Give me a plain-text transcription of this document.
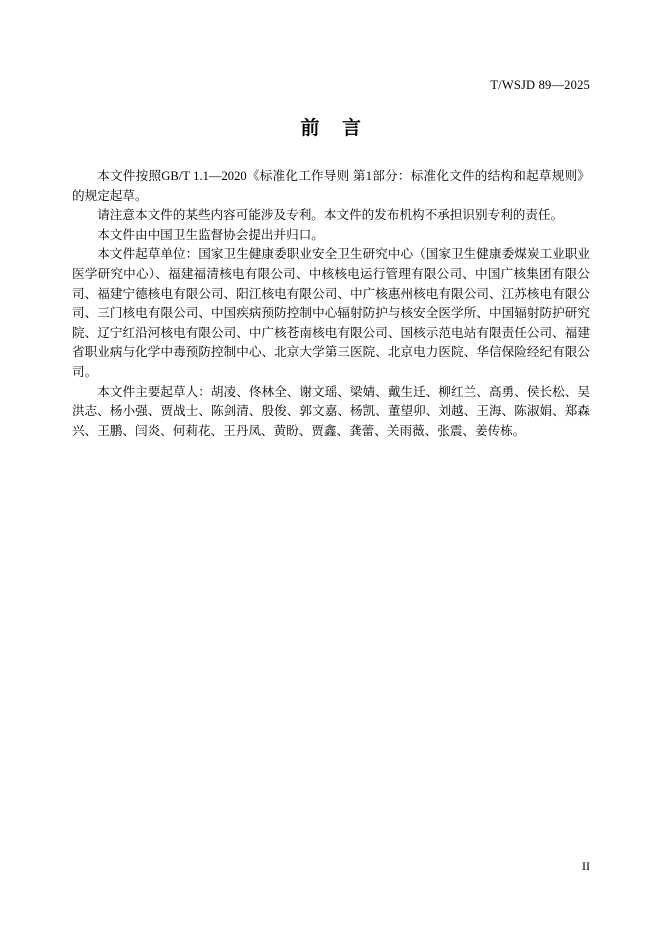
T/WSJD 89—2025
前 言

本文件按照GB/T 1.1—2020《标准化工作导则 第1部分：标准化文件的结构和起草规则》的规定起草。

请注意本文件的某些内容可能涉及专利。本文件的发布机构不承担识别专利的责任。

本文件由中国卫生监督协会提出并归口。

本文件起草单位：国家卫生健康委职业安全卫生研究中心（国家卫生健康委煤炭工业职业医学研究中心）、福建福清核电有限公司、中核核电运行管理有限公司、中国广核集团有限公司、福建宁德核电有限公司、阳江核电有限公司、中广核惠州核电有限公司、江苏核电有限公司、三门核电有限公司、中国疾病预防控制中心辐射防护与核安全医学所、中国辐射防护研究院、辽宁红沿河核电有限公司、中广核苍南核电有限公司、国核示范电站有限责任公司、福建省职业病与化学中毒预防控制中心、北京大学第三医院、北京电力医院、华信保险经纪有限公司。

本文件主要起草人：胡凌、佟林全、谢文瑶、梁婧、戴生迁、柳红兰、高勇、侯长松、吴洪志、杨小强、贾战士、陈剑清、殷俊、郭文嘉、杨凯、董望卯、刘越、王海、陈淑娟、郑森兴、王鹏、闫炎、何莉花、王丹凤、黄盼、贾鑫、龚蕾、关雨薇、张震、姜传栋。

II
